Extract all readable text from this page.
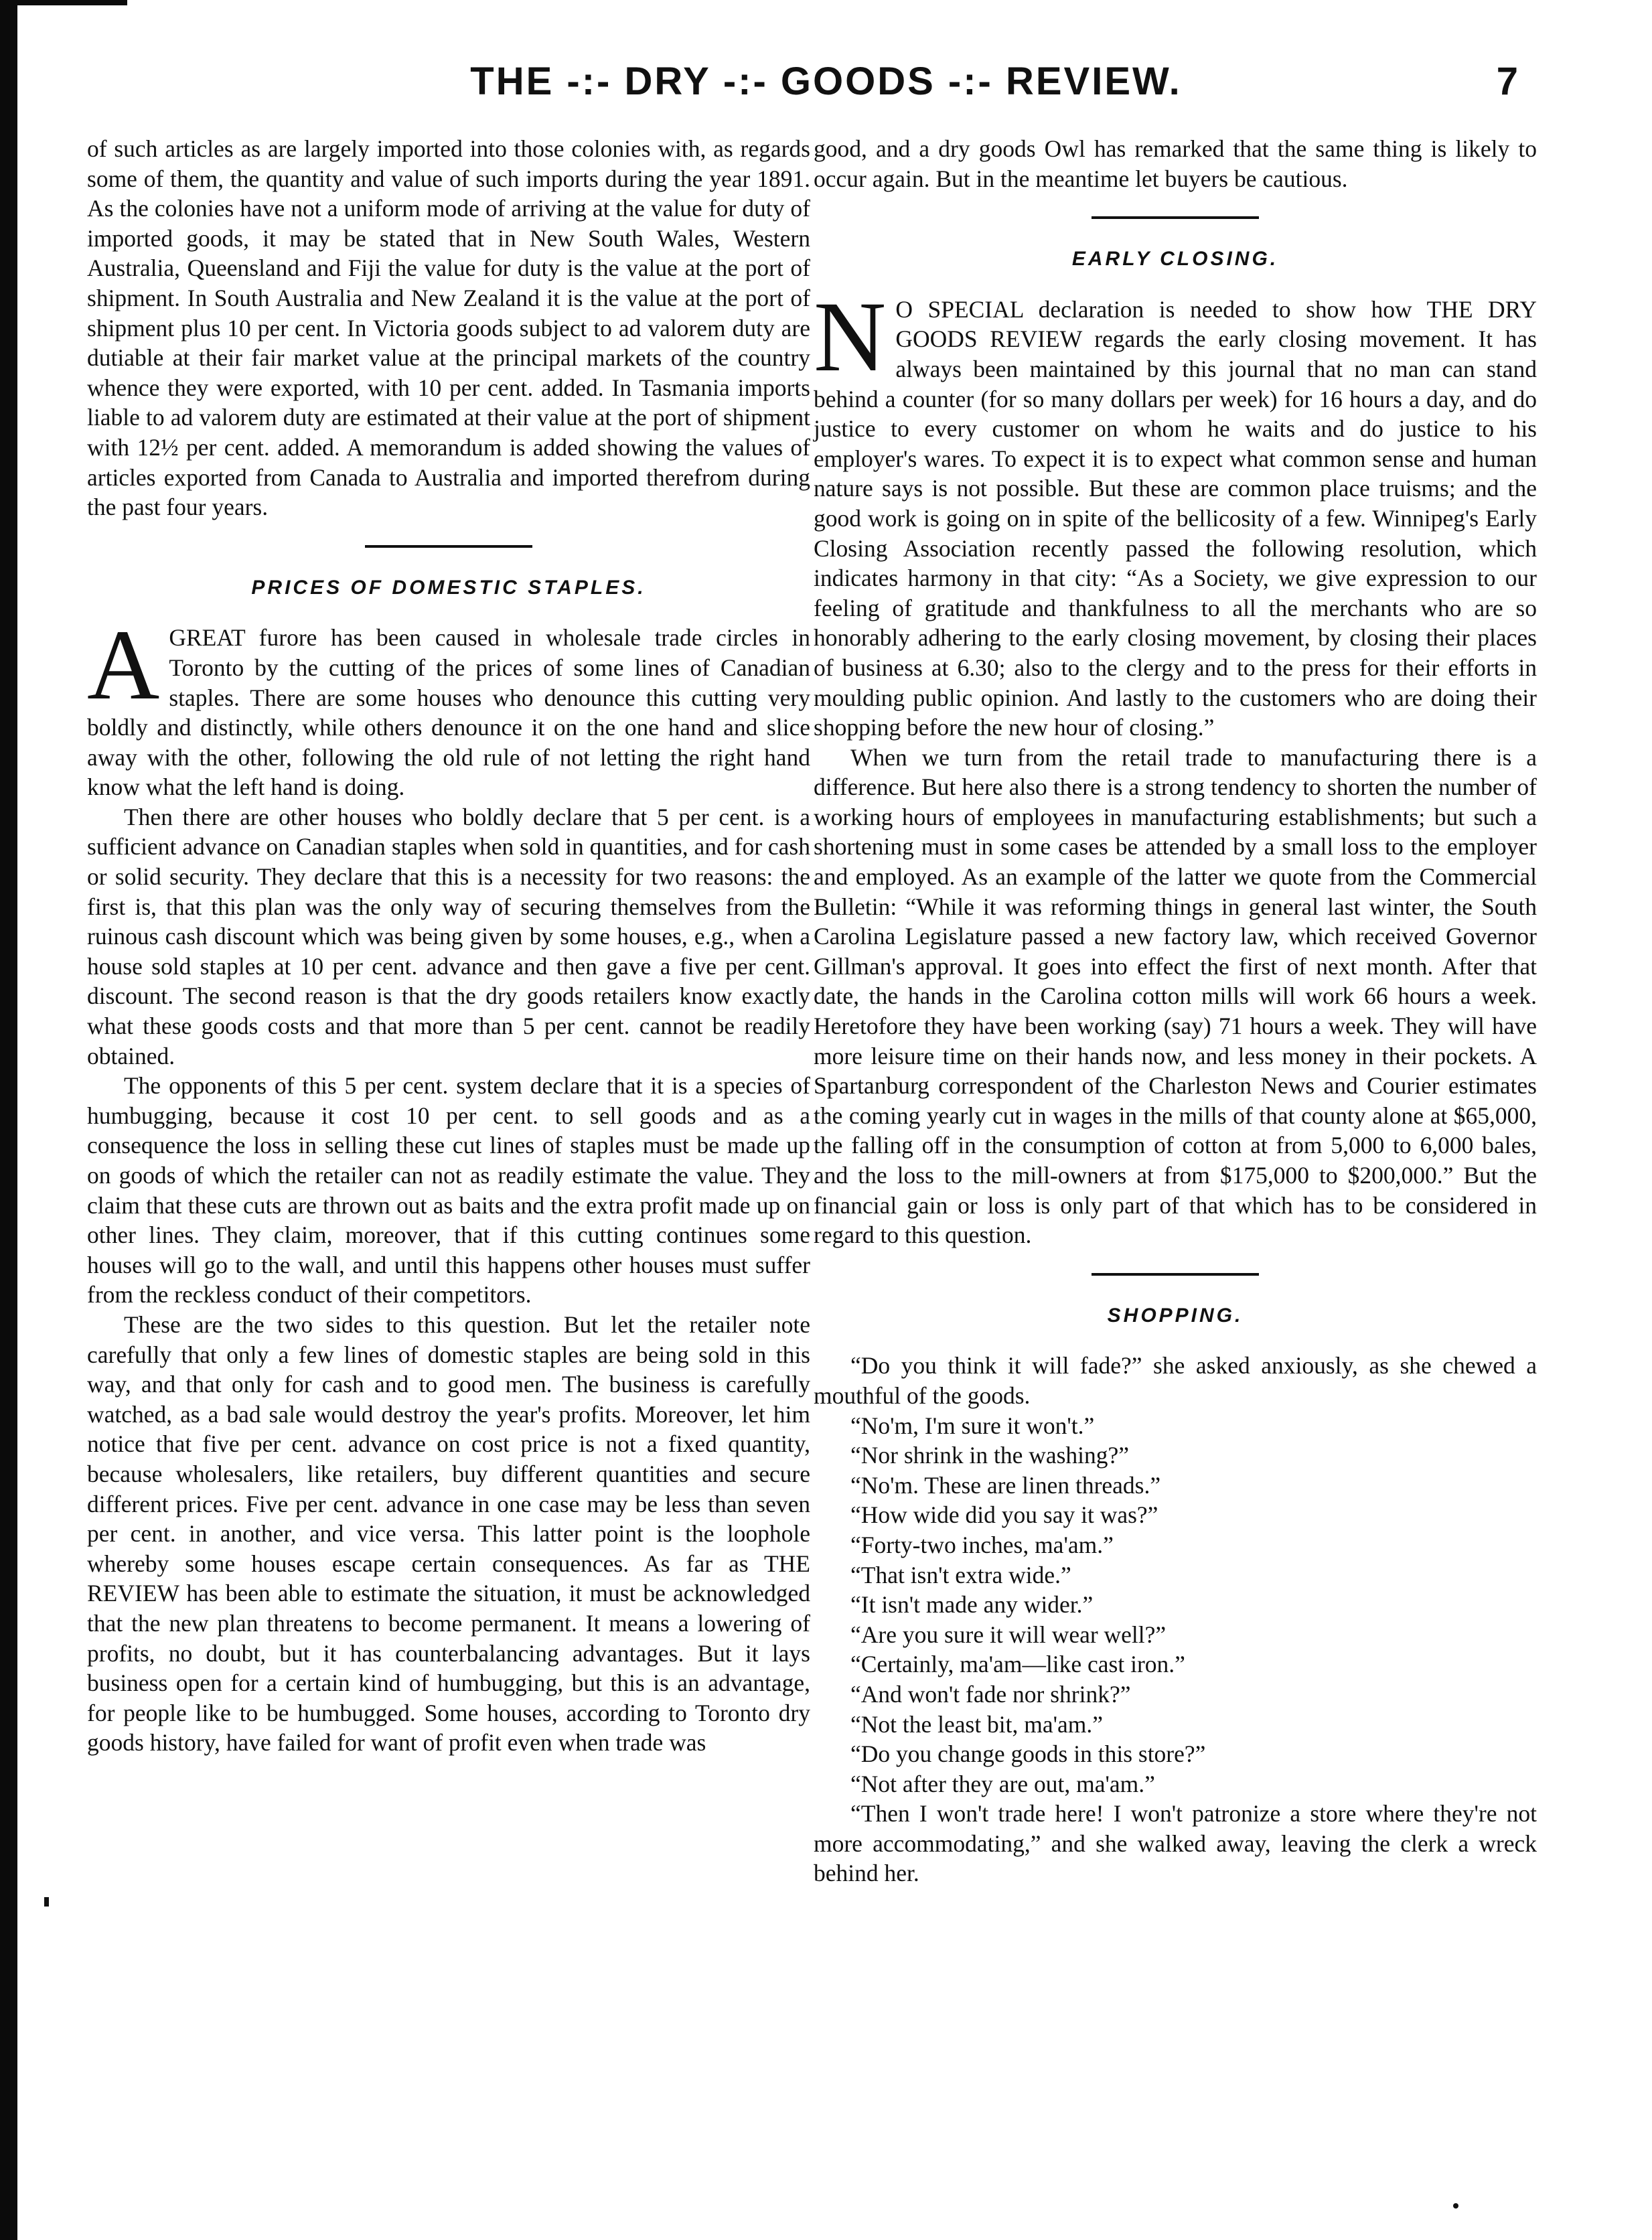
THE -:- DRY -:- GOODS -:- REVIEW.	7

of such articles as are largely imported into those colonies with, as regards some of them, the quantity and value of such imports during the year 1891. As the colonies have not a uniform mode of arriving at the value for duty of imported goods, it may be stated that in New South Wales, Western Australia, Queensland and Fiji the value for duty is the value at the port of shipment. In South Australia and New Zealand it is the value at the port of shipment plus 10 per cent. In Victoria goods subject to ad valorem duty are dutiable at their fair market value at the principal markets of the country whence they were exported, with 10 per cent. added. In Tasmania imports liable to ad valorem duty are estimated at their value at the port of shipment with 12½ per cent. added. A memorandum is added showing the values of articles exported from Canada to Australia and imported therefrom during the past four years.

PRICES OF DOMESTIC STAPLES.

AGREAT furore has been caused in wholesale trade circles in Toronto by the cutting of the prices of some lines of Canadian staples. There are some houses who denounce this cutting very boldly and distinctly, while others denounce it on the one hand and slice away with the other, following the old rule of not letting the right hand know what the left hand is doing.

Then there are other houses who boldly declare that 5 per cent. is a sufficient advance on Canadian staples when sold in quantities, and for cash or solid security. They declare that this is a necessity for two reasons: the first is, that this plan was the only way of securing themselves from the ruinous cash discount which was being given by some houses, e.g., when a house sold staples at 10 per cent. advance and then gave a five per cent. discount. The second reason is that the dry goods retailers know exactly what these goods costs and that more than 5 per cent. cannot be readily obtained.

The opponents of this 5 per cent. system declare that it is a species of humbugging, because it cost 10 per cent. to sell goods and as a consequence the loss in selling these cut lines of staples must be made up on goods of which the retailer can not as readily estimate the value. They claim that these cuts are thrown out as baits and the extra profit made up on other lines. They claim, moreover, that if this cutting continues some houses will go to the wall, and until this happens other houses must suffer from the reckless conduct of their competitors.

These are the two sides to this question. But let the retailer note carefully that only a few lines of domestic staples are being sold in this way, and that only for cash and to good men. The business is carefully watched, as a bad sale would destroy the year's profits. Moreover, let him notice that five per cent. advance on cost price is not a fixed quantity, because wholesalers, like retailers, buy different quantities and secure different prices. Five per cent. advance in one case may be less than seven per cent. in another, and vice versa. This latter point is the loophole whereby some houses escape certain consequences. As far as THE REVIEW has been able to estimate the situation, it must be acknowledged that the new plan threatens to become permanent. It means a lowering of profits, no doubt, but it has counterbalancing advantages. But it lays business open for a certain kind of humbugging, but this is an advantage, for people like to be humbugged. Some houses, according to Toronto dry goods history, have failed for want of profit even when trade was

good, and a dry goods Owl has remarked that the same thing is likely to occur again. But in the meantime let buyers be cautious.

EARLY CLOSING.

N O SPECIAL declaration is needed to show how THE DRY GOODS REVIEW regards the early closing movement. It has always been maintained by this journal that no man can stand behind a counter (for so many dollars per week) for 16 hours a day, and do justice to every customer on whom he waits and do justice to his employer's wares. To expect it is to expect what common sense and human nature says is not possible. But these are common place truisms; and the good work is going on in spite of the bellicosity of a few. Winnipeg's Early Closing Association recently passed the following resolution, which indicates harmony in that city: “As a Society, we give expression to our feeling of gratitude and thankfulness to all the merchants who are so honorably adhering to the early closing movement, by closing their places of business at 6.30; also to the clergy and to the press for their efforts in moulding public opinion. And lastly to the customers who are doing their shopping before the new hour of closing.”

When we turn from the retail trade to manufacturing there is a difference. But here also there is a strong tendency to shorten the number of working hours of employees in manufacturing establishments; but such a shortening must in some cases be attended by a small loss to the employer and employed. As an example of the latter we quote from the Commercial Bulletin: “While it was reforming things in general last winter, the South Carolina Legislature passed a new factory law, which received Governor Gillman's approval. It goes into effect the first of next month. After that date, the hands in the Carolina cotton mills will work 66 hours a week. Heretofore they have been working (say) 71 hours a week. They will have more leisure time on their hands now, and less money in their pockets. A Spartanburg correspondent of the Charleston News and Courier estimates the coming yearly cut in wages in the mills of that county alone at $65,000, the falling off in the consumption of cotton at from 5,000 to 6,000 bales, and the loss to the mill-owners at from $175,000 to $200,000.” But the financial gain or loss is only part of that which has to be considered in regard to this question.

SHOPPING.

“Do you think it will fade?” she asked anxiously, as she chewed a mouthful of the goods.

“No'm, I'm sure it won't.”

“Nor shrink in the washing?”

“No'm. These are linen threads.”

“How wide did you say it was?”

“Forty-two inches, ma'am.”

“That isn't extra wide.”

“It isn't made any wider.”

“Are you sure it will wear well?”

“Certainly, ma'am—like cast iron.”

“And won't fade nor shrink?”

“Not the least bit, ma'am.”

“Do you change goods in this store?”

“Not after they are out, ma'am.”

“Then I won't trade here! I won't patronize a store where they're not more accommodating,” and she walked away, leaving the clerk a wreck behind her.
